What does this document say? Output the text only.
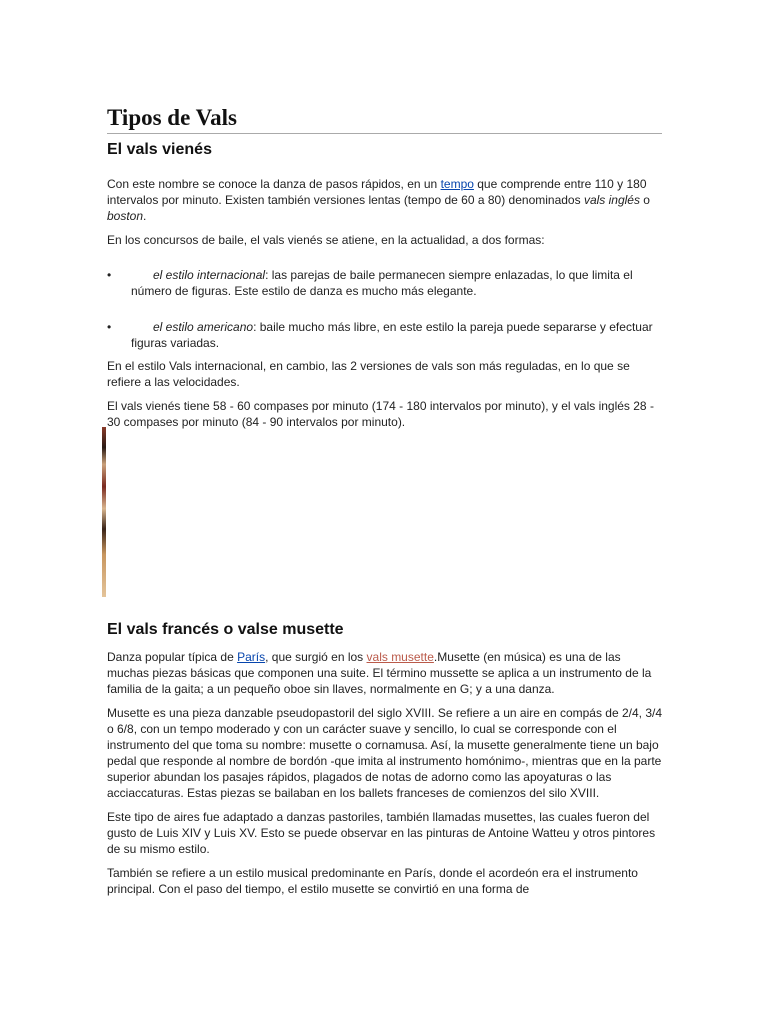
Tipos de Vals
El vals vienés

Con este nombre se conoce la danza de pasos rápidos, en un tempo que comprende entre 110 y 180 intervalos por minuto. Existen también versiones lentas (tempo de 60 a 80) denominados vals inglés o boston.

En los concursos de baile, el vals vienés se atiene, en la actualidad, a dos formas:

•	el estilo internacional: las parejas de baile permanecen siempre enlazadas, lo que limita el número de figuras. Este estilo de danza es mucho más elegante.
•	el estilo americano: baile mucho más libre, en este estilo la pareja puede separarse y efectuar figuras variadas.

En el estilo Vals internacional, en cambio, las 2 versiones de vals son más reguladas, en lo que se refiere a las velocidades.

El vals vienés tiene 58 - 60 compases por minuto (174 - 180 intervalos por minuto), y el vals inglés 28 - 30 compases por minuto (84 - 90 intervalos por minuto).

El vals francés o valse musette

Danza popular típica de París, que surgió en los vals musette.Musette (en música) es una de las muchas piezas básicas que componen una suite. El término mussette se aplica a un instrumento de la familia de la gaita; a un pequeño oboe sin llaves, normalmente en G; y a una danza.

Musette es una pieza danzable pseudopastoril del siglo XVIII. Se refiere a un aire en compás de 2/4, 3/4 o 6/8, con un tempo moderado y con un carácter suave y sencillo, lo cual se corresponde con el instrumento del que toma su nombre: musette o cornamusa. Así, la musette generalmente tiene un bajo pedal que responde al nombre de bordón -que imita al instrumento homónimo-, mientras que en la parte superior abundan los pasajes rápidos, plagados de notas de adorno como las apoyaturas o las acciaccaturas. Estas piezas se bailaban en los ballets franceses de comienzos del silo XVIII.

Este tipo de aires fue adaptado a danzas pastoriles, también llamadas musettes, las cuales fueron del gusto de Luis XIV y Luis XV. Esto se puede observar en las pinturas de Antoine Watteu y otros pintores de su mismo estilo.

También se refiere a un estilo musical predominante en París, donde el acordeón era el instrumento principal. Con el paso del tiempo, el estilo musette se convirtió en una forma de
